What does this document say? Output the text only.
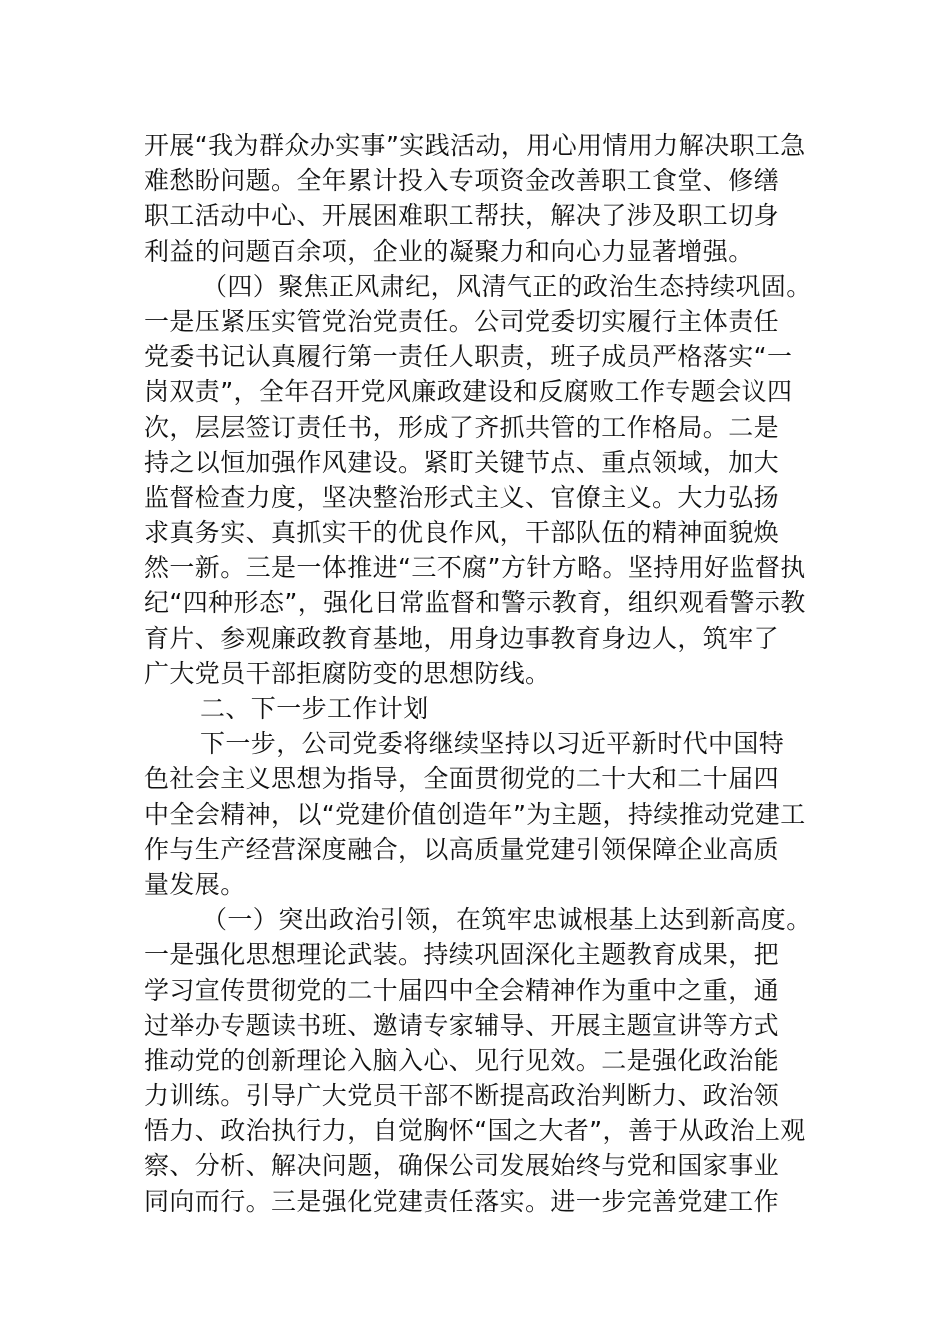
开展“我为群众办实事”实践活动，用心用情用力解决职工急
难愁盼问题。全年累计投入专项资金改善职工食堂、修缮
职工活动中心、开展困难职工帮扶，解决了涉及职工切身
利益的问题百余项，企业的凝聚力和向心力显著增强。
（四）聚焦正风肃纪，风清气正的政治生态持续巩固。
一是压紧压实管党治党责任。公司党委切实履行主体责任
党委书记认真履行第一责任人职责，班子成员严格落实“一
岗双责”，全年召开党风廉政建设和反腐败工作专题会议四
次，层层签订责任书，形成了齐抓共管的工作格局。二是
持之以恒加强作风建设。紧盯关键节点、重点领域，加大
监督检查力度，坚决整治形式主义、官僚主义。大力弘扬
求真务实、真抓实干的优良作风，干部队伍的精神面貌焕
然一新。三是一体推进“三不腐”方针方略。坚持用好监督执
纪“四种形态”，强化日常监督和警示教育，组织观看警示教
育片、参观廉政教育基地，用身边事教育身边人，筑牢了
广大党员干部拒腐防变的思想防线。
二、下一步工作计划
下一步，公司党委将继续坚持以习近平新时代中国特
色社会主义思想为指导，全面贯彻党的二十大和二十届四
中全会精神，以“党建价值创造年”为主题，持续推动党建工
作与生产经营深度融合，以高质量党建引领保障企业高质
量发展。
（一）突出政治引领，在筑牢忠诚根基上达到新高度。
一是强化思想理论武装。持续巩固深化主题教育成果，把
学习宣传贯彻党的二十届四中全会精神作为重中之重，通
过举办专题读书班、邀请专家辅导、开展主题宣讲等方式
推动党的创新理论入脑入心、见行见效。二是强化政治能
力训练。引导广大党员干部不断提高政治判断力、政治领
悟力、政治执行力，自觉胸怀“国之大者”，善于从政治上观
察、分析、解决问题，确保公司发展始终与党和国家事业
同向而行。三是强化党建责任落实。进一步完善党建工作
